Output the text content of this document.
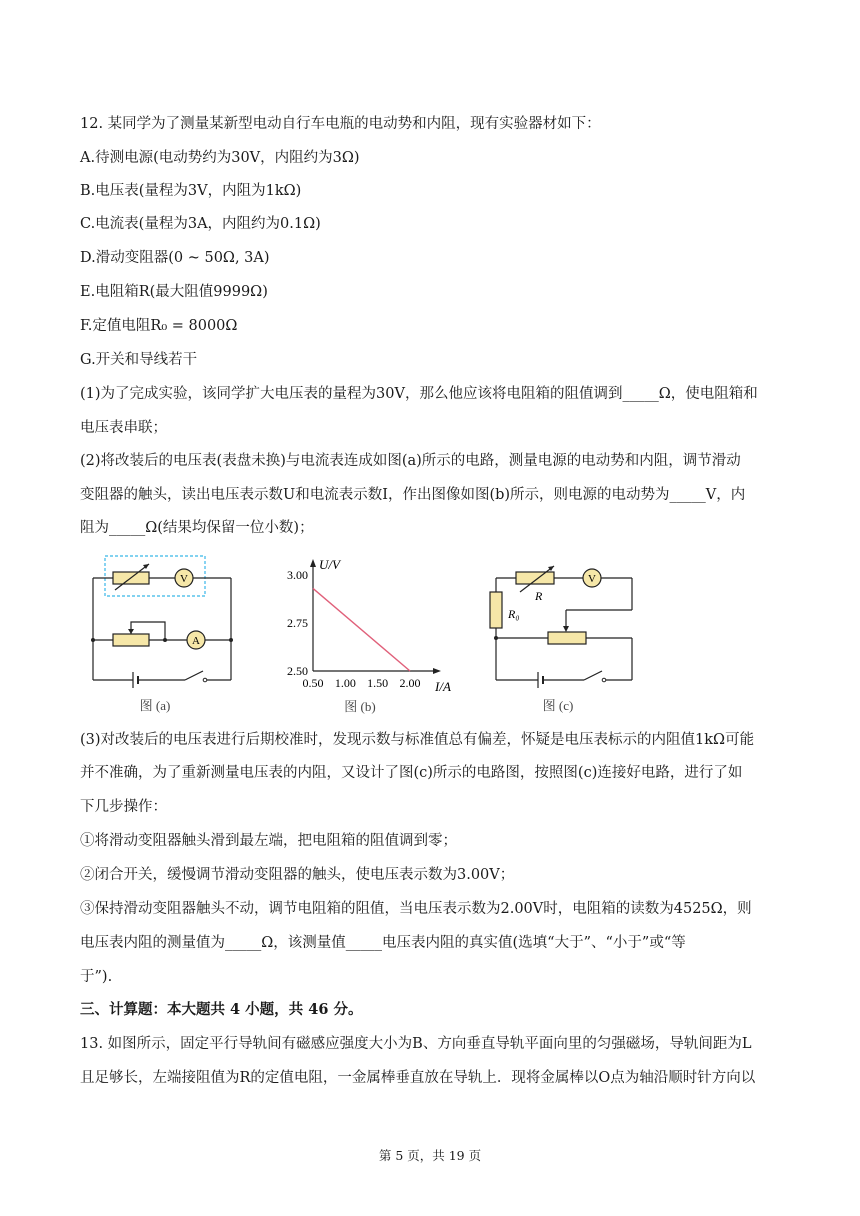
12. 某同学为了测量某新型电动自行车电瓶的电动势和内阻，现有实验器材如下：
A.待测电源(电动势约为30V，内阻约为3Ω)
B.电压表(量程为3V，内阻为1kΩ)
C.电流表(量程为3A，内阻约为0.1Ω)
D.滑动变阻器(0 ~ 50Ω, 3A)
E.电阻箱R(最大阻值9999Ω)
F.定值电阻R₀ = 8000Ω
G.开关和导线若干
(1)为了完成实验，该同学扩大电压表的量程为30V，那么他应该将电阻箱的阻值调到_____Ω，使电阻箱和
电压表串联；
(2)将改装后的电压表(表盘未换)与电流表连成如图(a)所示的电路，测量电源的电动势和内阻，调节滑动
变阻器的触头，读出电压表示数U和电流表示数I，作出图像如图(b)所示，则电源的电动势为_____V，内
阻为_____Ω(结果均保留一位小数)；
V
A
图 (a)
U/V
I/A
0.50 1.00 1.50 2.00
2.50
2.75
3.00
图 (b)
R
V
R₀
图 (c)
(3)对改装后的电压表进行后期校准时，发现示数与标准值总有偏差，怀疑是电压表标示的内阻值1kΩ可能
并不准确，为了重新测量电压表的内阻，又设计了图(c)所示的电路图，按照图(c)连接好电路，进行了如
下几步操作：
①将滑动变阻器触头滑到最左端，把电阻箱的阻值调到零；
②闭合开关，缓慢调节滑动变阻器的触头，使电压表示数为3.00V；
③保持滑动变阻器触头不动，调节电阻箱的阻值，当电压表示数为2.00V时，电阻箱的读数为4525Ω，则
电压表内阻的测量值为_____Ω，该测量值_____电压表内阻的真实值(选填“大于”、“小于”或“等
于”).
三、计算题：本大题共 4 小题，共 46 分。
13. 如图所示，固定平行导轨间有磁感应强度大小为B、方向垂直导轨平面向里的匀强磁场，导轨间距为L
且足够长，左端接阻值为R的定值电阻，一金属棒垂直放在导轨上．现将金属棒以O点为轴沿顺时针方向以
第 5 页，共 19 页
